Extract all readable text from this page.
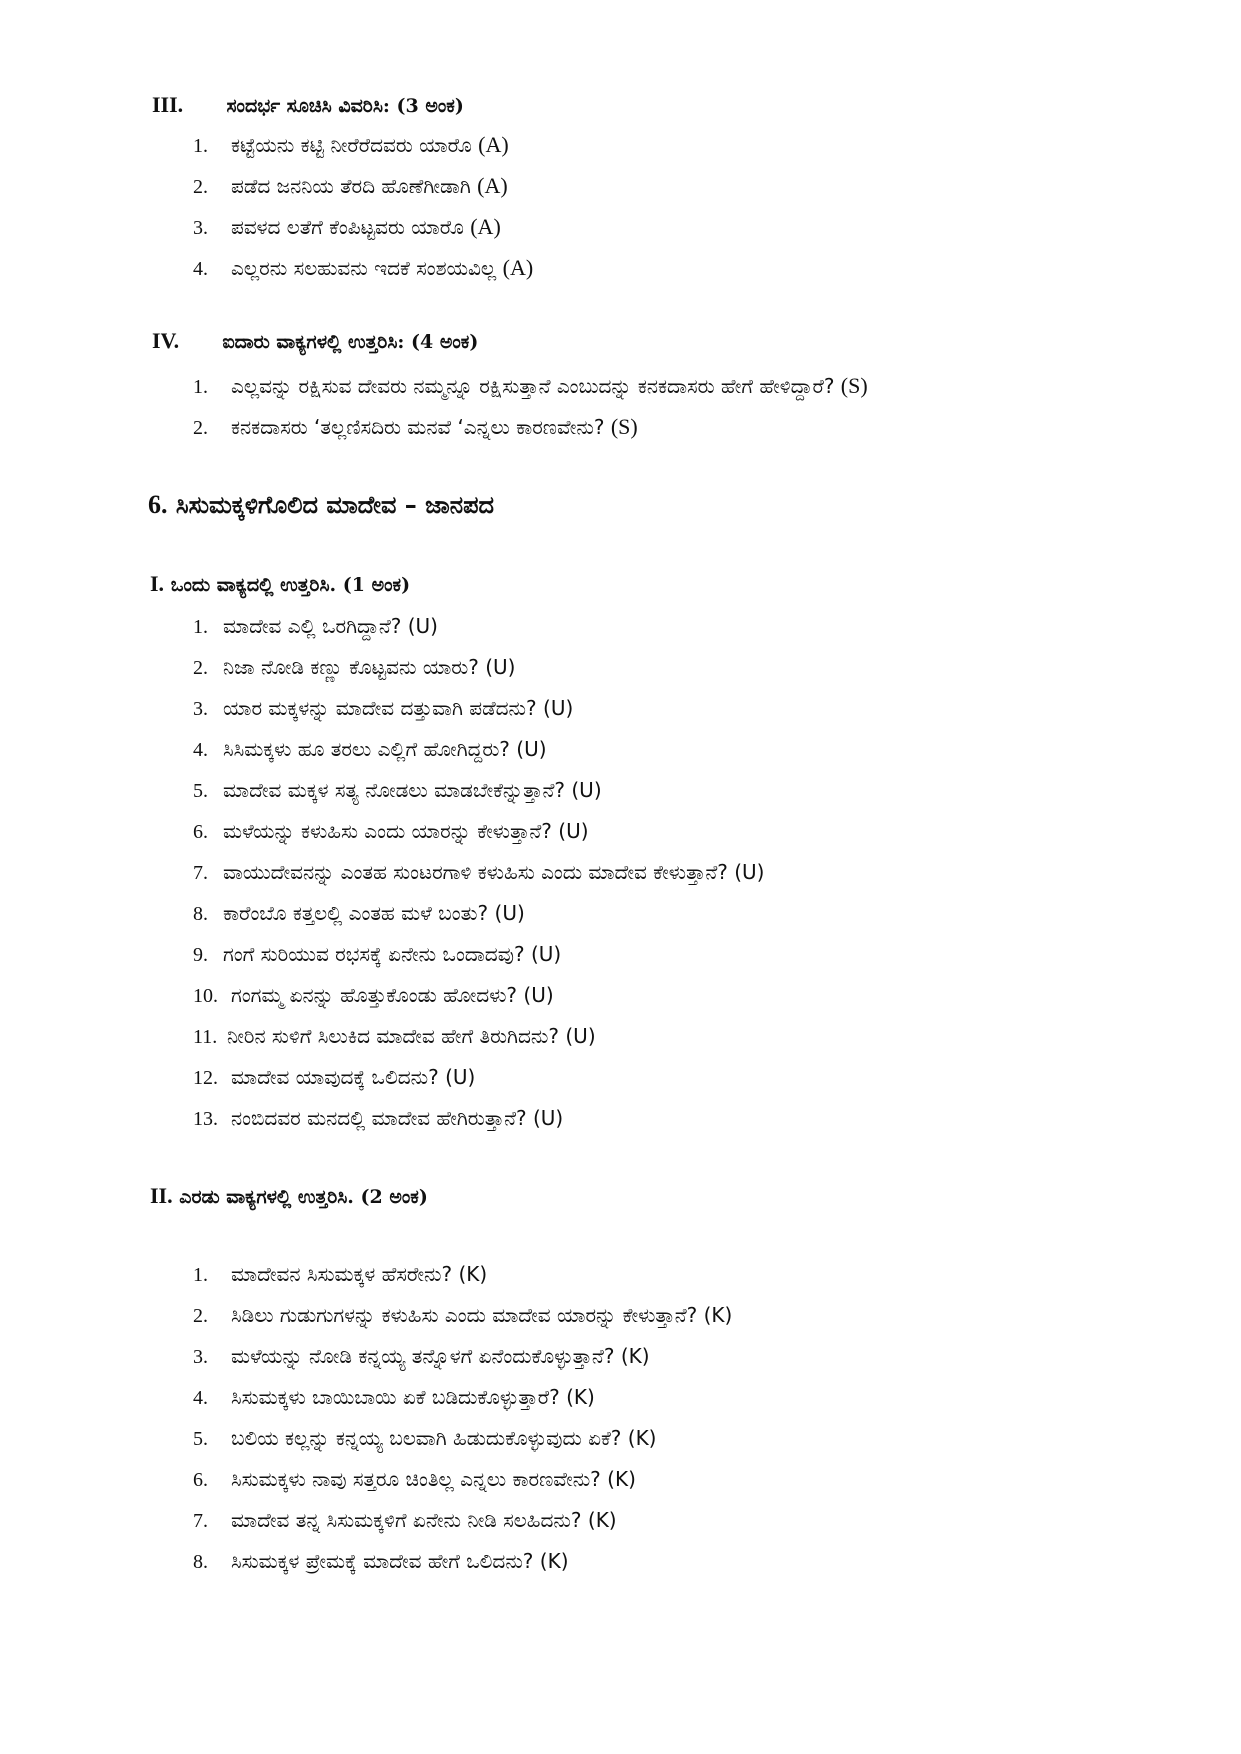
III. ಸಂದರ್ಭ ಸೂಚಿಸಿ ವಿವರಿಸಿ: (3 ಅಂಕ)
1. ಕಟ್ಟೆಯನು ಕಟ್ಟಿ ನೀರೆರೆದವರು ಯಾರೊ (A)
2. ಪಡೆದ ಜನನಿಯ ತೆರದಿ ಹೊಣೆಗೀಡಾಗಿ (A)
3. ಪವಳದ ಲತೆಗೆ ಕೆಂಪಿಟ್ಟವರು ಯಾರೊ (A)
4. ಎಲ್ಲರನು ಸಲಹುವನು ಇದಕೆ ಸಂಶಯವಿಲ್ಲ (A)
IV. ಐದಾರು ವಾಕ್ಯಗಳಲ್ಲಿ ಉತ್ತರಿಸಿ: (4 ಅಂಕ)
1. ಎಲ್ಲವನ್ನು ರಕ್ಷಿಸುವ ದೇವರು ನಮ್ಮನ್ನೂ ರಕ್ಷಿಸುತ್ತಾನೆ ಎಂಬುದನ್ನು ಕನಕದಾಸರು ಹೇಗೆ ಹೇಳಿದ್ದಾರೆ? (S)
2. ಕನಕದಾಸರು ‘ತಲ್ಲಣಿಸದಿರು ಮನವೆ ‘ಎನ್ನಲು ಕಾರಣವೇನು? (S)
6. ಸಿಸುಮಕ್ಕಳಿಗೊಲಿದ ಮಾದೇವ – ಜಾನಪದ
I. ಒಂದು ವಾಕ್ಯದಲ್ಲಿ ಉತ್ತರಿಸಿ. (1 ಅಂಕ)
1. ಮಾದೇವ ಎಲ್ಲಿ ಒರಗಿದ್ದಾನೆ? (U)
2. ನಿಜಾ ನೋಡಿ ಕಣ್ಣು ಕೊಟ್ಟವನು ಯಾರು? (U)
3. ಯಾರ ಮಕ್ಕಳನ್ನು ಮಾದೇವ ದತ್ತುವಾಗಿ ಪಡೆದನು? (U)
4. ಸಿಸಿಮಕ್ಕಳು ಹೂ ತರಲು ಎಲ್ಲಿಗೆ ಹೋಗಿದ್ದರು? (U)
5. ಮಾದೇವ ಮಕ್ಕಳ ಸತ್ಯ ನೋಡಲು ಮಾಡಬೇಕೆನ್ನುತ್ತಾನೆ? (U)
6. ಮಳೆಯನ್ನು ಕಳುಹಿಸು ಎಂದು ಯಾರನ್ನು ಕೇಳುತ್ತಾನೆ? (U)
7. ವಾಯುದೇವನನ್ನು ಎಂತಹ ಸುಂಟರಗಾಳಿ ಕಳುಹಿಸು ಎಂದು ಮಾದೇವ ಕೇಳುತ್ತಾನೆ? (U)
8. ಕಾರೆಂಬೊ ಕತ್ತಲಲ್ಲಿ ಎಂತಹ ಮಳೆ ಬಂತು? (U)
9. ಗಂಗೆ ಸುರಿಯುವ ರಭಸಕ್ಕೆ ಏನೇನು ಒಂದಾದವು? (U)
10. ಗಂಗಮ್ಮ ಏನನ್ನು ಹೊತ್ತುಕೊಂಡು ಹೋದಳು? (U)
11. ನೀರಿನ ಸುಳಿಗೆ ಸಿಲುಕಿದ ಮಾದೇವ ಹೇಗೆ ತಿರುಗಿದನು? (U)
12. ಮಾದೇವ ಯಾವುದಕ್ಕೆ ಒಲಿದನು? (U)
13. ನಂಬಿದವರ ಮನದಲ್ಲಿ ಮಾದೇವ ಹೇಗಿರುತ್ತಾನೆ? (U)
II. ಎರಡು ವಾಕ್ಯಗಳಲ್ಲಿ ಉತ್ತರಿಸಿ. (2 ಅಂಕ)
1. ಮಾದೇವನ ಸಿಸುಮಕ್ಕಳ ಹೆಸರೇನು? (K)
2. ಸಿಡಿಲು ಗುಡುಗುಗಳನ್ನು ಕಳುಹಿಸು ಎಂದು ಮಾದೇವ ಯಾರನ್ನು ಕೇಳುತ್ತಾನೆ? (K)
3. ಮಳೆಯನ್ನು ನೋಡಿ ಕನ್ನಯ್ಯ ತನ್ನೊಳಗೆ ಏನೆಂದುಕೊಳ್ಳುತ್ತಾನೆ? (K)
4. ಸಿಸುಮಕ್ಕಳು ಬಾಯಿಬಾಯಿ ಏಕೆ ಬಡಿದುಕೊಳ್ಳುತ್ತಾರೆ? (K)
5. ಬಲಿಯ ಕಲ್ಲನ್ನು ಕನ್ನಯ್ಯ ಬಲವಾಗಿ ಹಿಡುದುಕೊಳ್ಳುವುದು ಏಕೆ? (K)
6. ಸಿಸುಮಕ್ಕಳು ನಾವು ಸತ್ತರೂ ಚಿಂತಿಲ್ಲ ಎನ್ನಲು ಕಾರಣವೇನು? (K)
7. ಮಾದೇವ ತನ್ನ ಸಿಸುಮಕ್ಕಳಿಗೆ ಏನೇನು ನೀಡಿ ಸಲಹಿದನು? (K)
8. ಸಿಸುಮಕ್ಕಳ ಪ್ರೇಮಕ್ಕೆ ಮಾದೇವ ಹೇಗೆ ಒಲಿದನು? (K)
